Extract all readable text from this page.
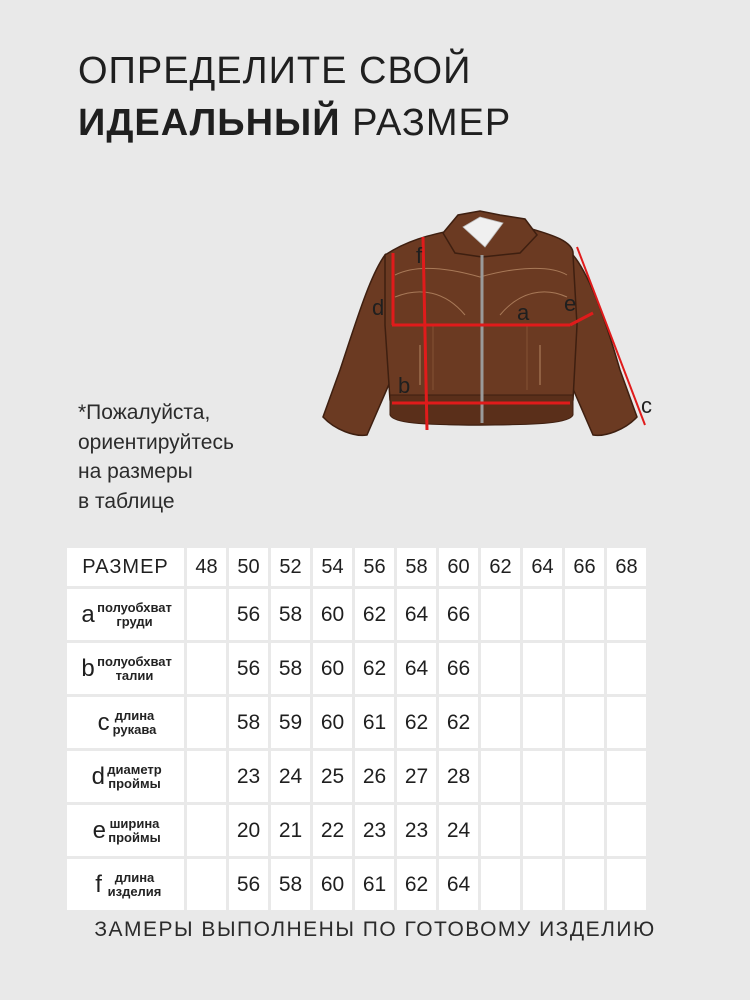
ОПРЕДЕЛИТЕ СВОЙ
ИДЕАЛЬНЫЙ РАЗМЕР
f
d	a e
b
c
*Пожалуйста,
ориентируйтесь
на размеры
в таблице
РАЗМЕР	48	50	52	54	56	58	60	62	64	66	68
a полуобхват
груди		56	58	60	62	64	66				
b полуобхват
талии		56	58	60	62	64	66				
c длина
рукава		58	59	60	61	62	62				
d диаметр
проймы		23	24	25	26	27	28				
e ширина
проймы		20	21	22	23	23	24				
f длина
изделия		56	58	60	61	62	64				
ЗАМЕРЫ ВЫПОЛНЕНЫ ПО ГОТОВОМУ ИЗДЕЛИЮ
